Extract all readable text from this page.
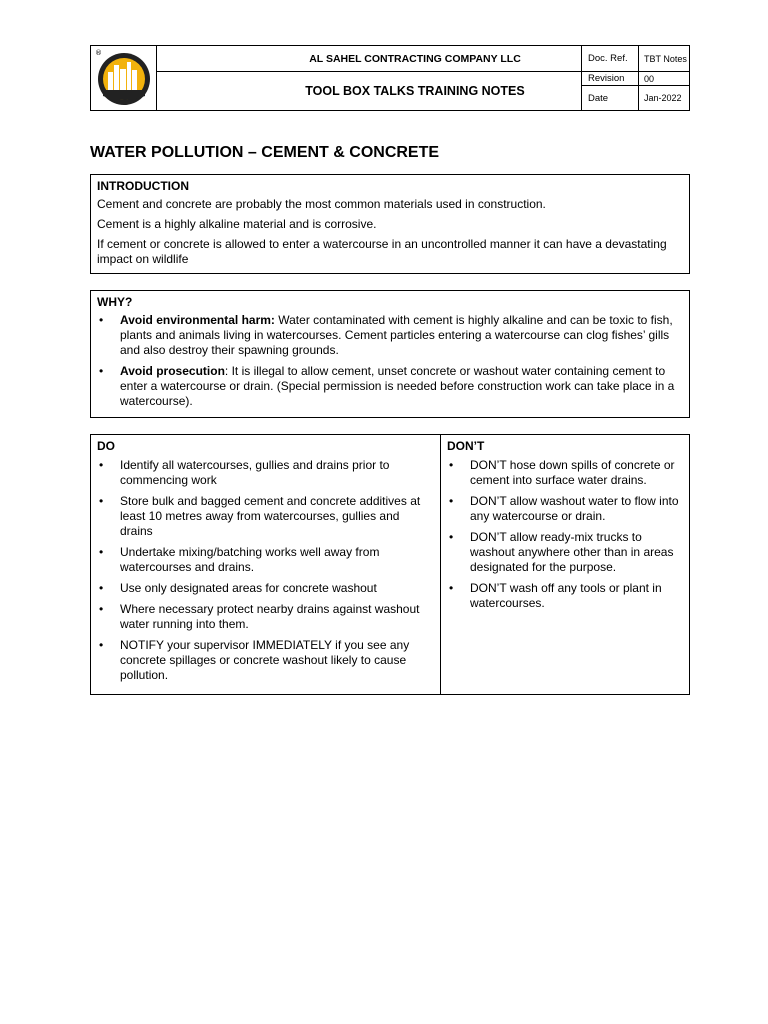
®	AL SAHEL CONTRACTING COMPANY LLC
TOOL BOX TALKS TRAINING NOTES
Doc. Ref.	TBT Notes
Revision	00
Date	Jan-2022
WATER POLLUTION – CEMENT & CONCRETE
INTRODUCTION

Cement and concrete are probably the most common materials used in construction.

Cement is a highly alkaline material and is corrosive.

If cement or concrete is allowed to enter a watercourse in an uncontrolled manner it can have a devastating impact on wildlife

WHY?
• Avoid environmental harm: Water contaminated with cement is highly alkaline and can be toxic to fish, plants and animals living in watercourses. Cement particles entering a watercourse can clog fishes’ gills and also destroy their spawning grounds.
• Avoid prosecution: It is illegal to allow cement, unset concrete or washout water containing cement to enter a watercourse or drain. (Special permission is needed before construction work can take place in a watercourse).
DO
• Identify all watercourses, gullies and drains prior to commencing work
• Store bulk and bagged cement and concrete additives at least 10 metres away from watercourses, gullies and drains
• Undertake mixing/batching works well away from watercourses and drains.
• Use only designated areas for concrete washout
• Where necessary protect nearby drains against washout water running into them.
• NOTIFY your supervisor IMMEDIATELY if you see any concrete spillages or concrete washout likely to cause pollution.
DON’T
• DON’T hose down spills of concrete or cement into surface water drains.
• DON’T allow washout water to flow into any watercourse or drain.
• DON’T allow ready-mix trucks to washout anywhere other than in areas designated for the purpose.
• DON’T wash off any tools or plant in watercourses.
